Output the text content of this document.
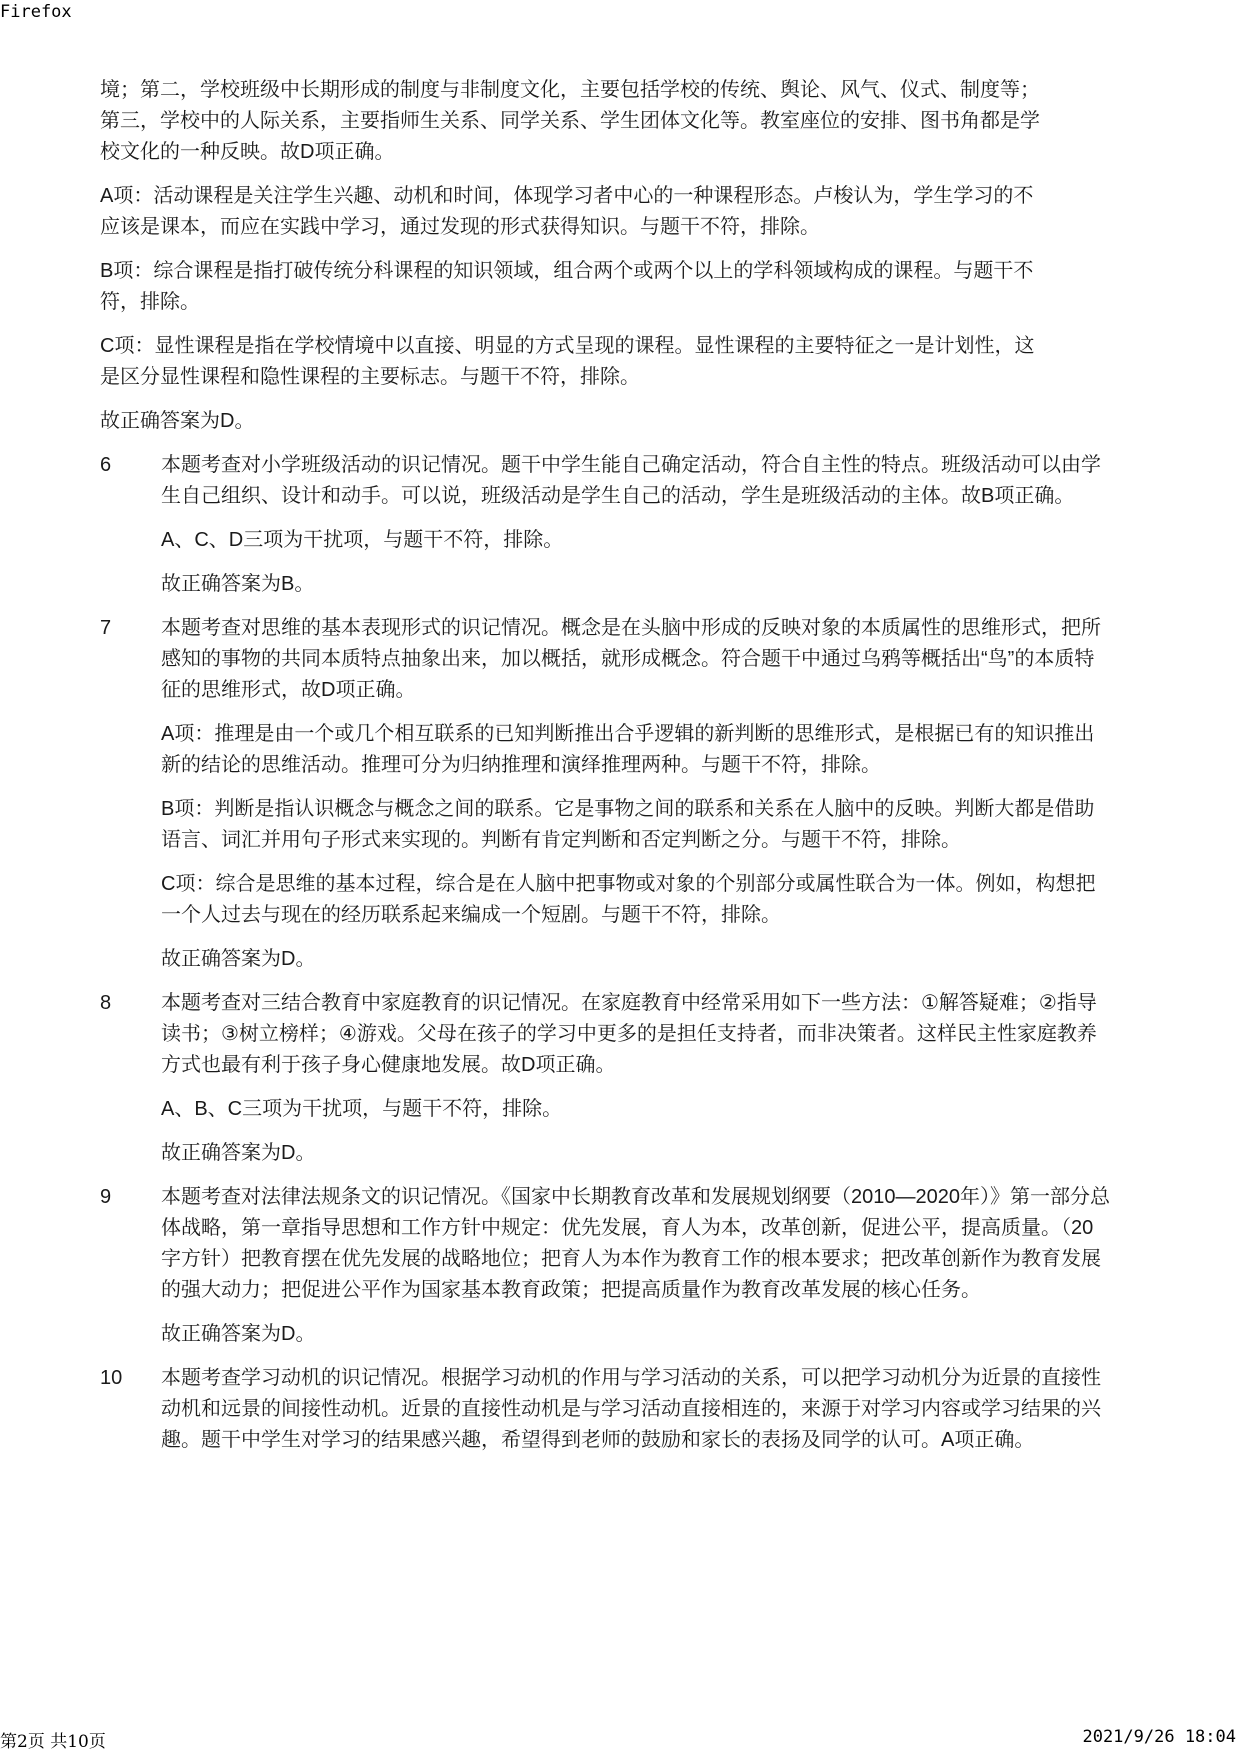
Firefox

境；第二，学校班级中长期形成的制度与非制度文化，主要包括学校的传统、舆论、风气、仪式、制度等；第三，学校中的人际关系，主要指师生关系、同学关系、学生团体文化等。教室座位的安排、图书角都是学校文化的一种反映。故D项正确。

A项：活动课程是关注学生兴趣、动机和时间，体现学习者中心的一种课程形态。卢梭认为，学生学习的不应该是课本，而应在实践中学习，通过发现的形式获得知识。与题干不符，排除。

B项：综合课程是指打破传统分科课程的知识领域，组合两个或两个以上的学科领域构成的课程。与题干不符，排除。

C项：显性课程是指在学校情境中以直接、明显的方式呈现的课程。显性课程的主要特征之一是计划性，这是区分显性课程和隐性课程的主要标志。与题干不符，排除。

故正确答案为D。

6	本题考查对小学班级活动的识记情况。题干中学生能自己确定活动，符合自主性的特点。班级活动可以由学生自己组织、设计和动手。可以说，班级活动是学生自己的活动，学生是班级活动的主体。故B项正确。
A、C、D三项为干扰项，与题干不符，排除。
故正确答案为B。
7	本题考查对思维的基本表现形式的识记情况。概念是在头脑中形成的反映对象的本质属性的思维形式，把所感知的事物的共同本质特点抽象出来，加以概括，就形成概念。符合题干中通过乌鸦等概括出“鸟”的本质特征的思维形式，故D项正确。
A项：推理是由一个或几个相互联系的已知判断推出合乎逻辑的新判断的思维形式，是根据已有的知识推出新的结论的思维活动。推理可分为归纳推理和演绎推理两种。与题干不符，排除。
B项：判断是指认识概念与概念之间的联系。它是事物之间的联系和关系在人脑中的反映。判断大都是借助语言、词汇并用句子形式来实现的。判断有肯定判断和否定判断之分。与题干不符，排除。
C项：综合是思维的基本过程，综合是在人脑中把事物或对象的个别部分或属性联合为一体。例如，构想把一个人过去与现在的经历联系起来编成一个短剧。与题干不符，排除。
故正确答案为D。
8	本题考查对三结合教育中家庭教育的识记情况。在家庭教育中经常采用如下一些方法：①解答疑难；②指导读书；③树立榜样；④游戏。父母在孩子的学习中更多的是担任支持者，而非决策者。这样民主性家庭教养方式也最有利于孩子身心健康地发展。故D项正确。
A、B、C三项为干扰项，与题干不符，排除。
故正确答案为D。
9	本题考查对法律法规条文的识记情况。《国家中长期教育改革和发展规划纲要（2010—2020年）》第一部分总体战略，第一章指导思想和工作方针中规定：优先发展，育人为本，改革创新，促进公平，提高质量。（20字方针）把教育摆在优先发展的战略地位；把育人为本作为教育工作的根本要求；把改革创新作为教育发展的强大动力；把促进公平作为国家基本教育政策；把提高质量作为教育改革发展的核心任务。
故正确答案为D。
10	本题考查学习动机的识记情况。根据学习动机的作用与学习活动的关系，可以把学习动机分为近景的直接性动机和远景的间接性动机。近景的直接性动机是与学习活动直接相连的，来源于对学习内容或学习结果的兴趣。题干中学生对学习的结果感兴趣，希望得到老师的鼓励和家长的表扬及同学的认可。A项正确。
第2页 共10页	2021/9/26 18:04
